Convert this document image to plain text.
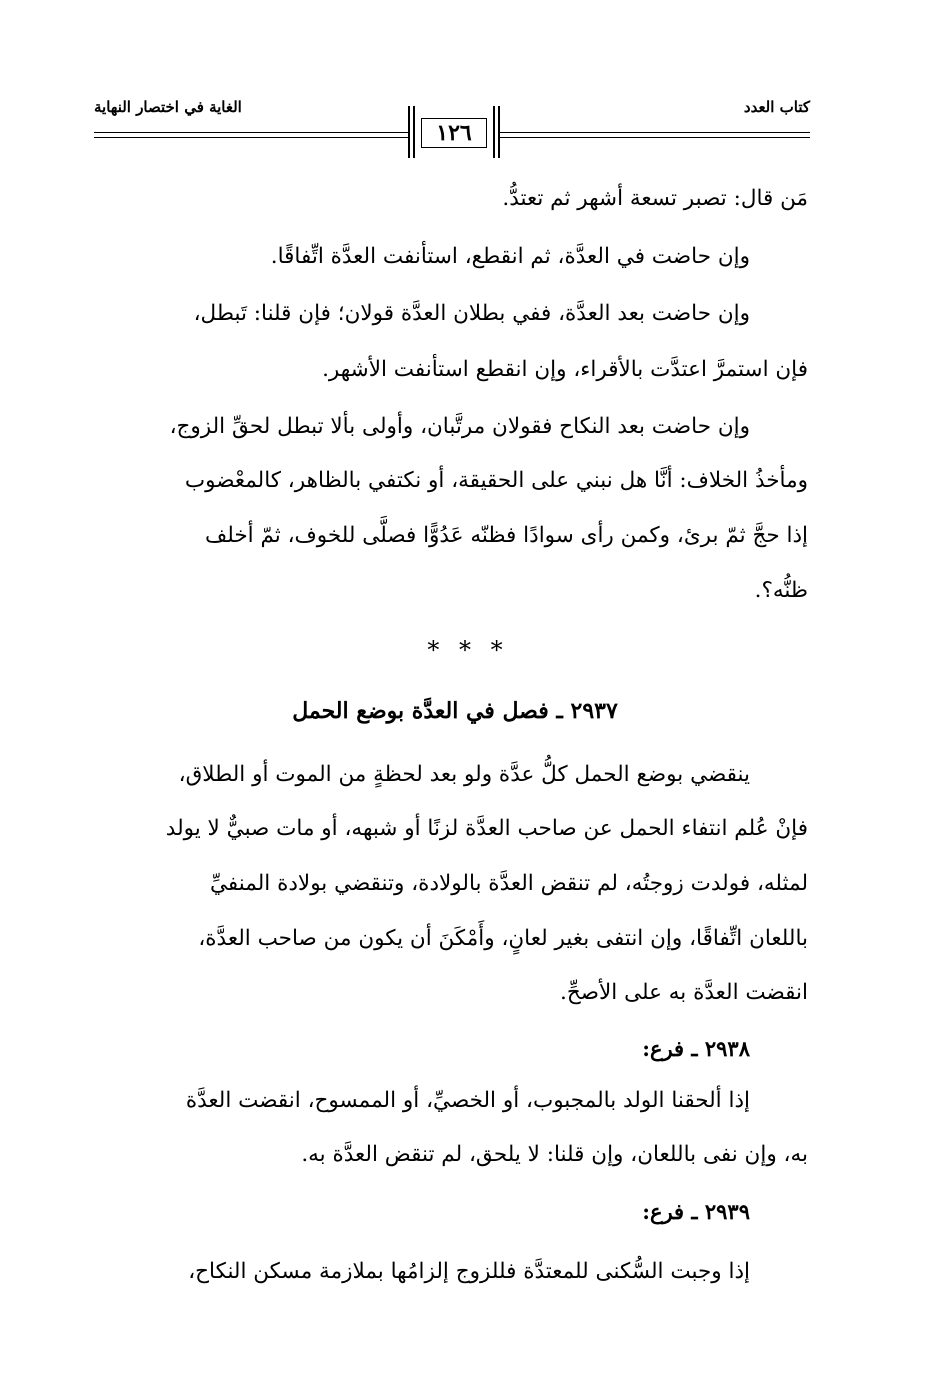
كتاب العدد
الغاية في اختصار النهاية
١٢٦
مَن قال: تصبر تسعة أشهر ثم تعتدُّ.
وإن حاضت في العدَّة، ثم انقطع، استأنفت العدَّة اتِّفاقًا.
وإن حاضت بعد العدَّة، ففي بطلان العدَّة قولان؛ فإن قلنا: تَبطل،
فإن استمرَّ اعتدَّت بالأقراء، وإن انقطع استأنفت الأشهر.
وإن حاضت بعد النكاح فقولان مرتَّبان، وأولى بألا تبطل لحقِّ الزوج،
ومأخذُ الخلاف: أنَّا هل نبني على الحقيقة، أو نكتفي بالظاهر، كالمعْضوب
إذا حجَّ ثمّ برئ، وكمن رأى سوادًا فظنّه عَدُوًّا فصلَّى للخوف، ثمّ أخلف
ظنُّه؟.
* * *
٢٩٣٧ ـ فصل في العدَّة بوضع الحمل
ينقضي بوضع الحمل كلُّ عدَّة ولو بعد لحظةٍ من الموت أو الطلاق،
فإنْ عُلم انتفاء الحمل عن صاحب العدَّة لزنًا أو شبهه، أو مات صبيٌّ لا يولد
لمثله، فولدت زوجتُه، لم تنقض العدَّة بالولادة، وتنقضي بولادة المنفيِّ
باللعان اتِّفاقًا، وإن انتفى بغير لعانٍ، وأَمْكَنَ أن يكون من صاحب العدَّة،
انقضت العدَّة به على الأصحِّ.
٢٩٣٨ ـ فرع:
إذا ألحقنا الولد بالمجبوب، أو الخصيِّ، أو الممسوح، انقضت العدَّة
به، وإن نفى باللعان، وإن قلنا: لا يلحق، لم تنقض العدَّة به.
٢٩٣٩ ـ فرع:
إذا وجبت السُّكنى للمعتدَّة فللزوج إلزامُها بملازمة مسكن النكاح،
